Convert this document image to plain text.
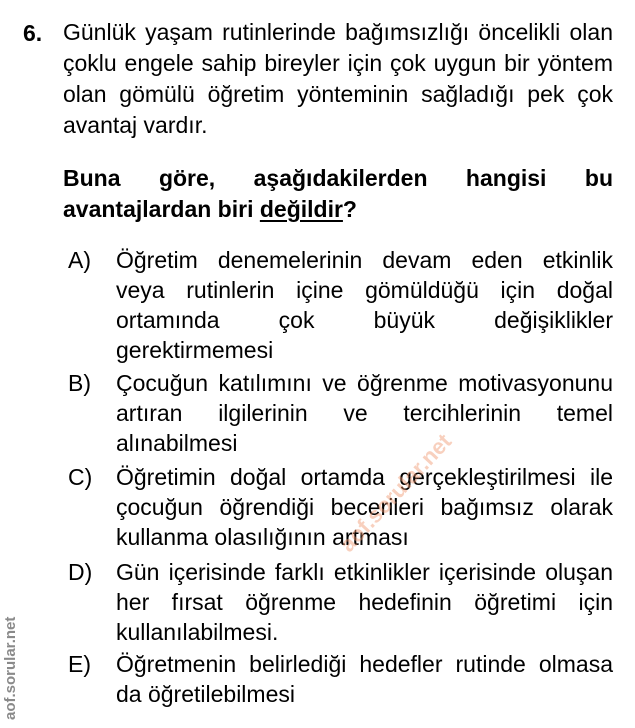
6. Günlük yaşam rutinlerinde bağımsızlığı öncelikli olan çoklu engele sahip bireyler için çok uygun bir yöntem olan gömülü öğretim yönteminin sağladığı pek çok avantaj vardır.
Buna göre, aşağıdakilerden hangisi bu avantajlardan biri değildir?
A) Öğretim denemelerinin devam eden etkinlik veya rutinlerin içine gömüldüğü için doğal ortamında çok büyük değişiklikler gerektirmemesi
B) Çocuğun katılımını ve öğrenme motivasyonunu artıran ilgilerinin ve tercihlerinin temel alınabilmesi
C) Öğretimin doğal ortamda gerçekleştirilmesi ile çocuğun öğrendiği becerileri bağımsız olarak kullanma olasılığının artması
D) Gün içerisinde farklı etkinlikler içerisinde oluşan her fırsat öğrenme hedefinin öğretimi için kullanılabilmesi.
E) Öğretmenin belirlediği hedefler rutinde olmasa da öğretilebilmesi
aof.sorular.net
aof.sorular.net
